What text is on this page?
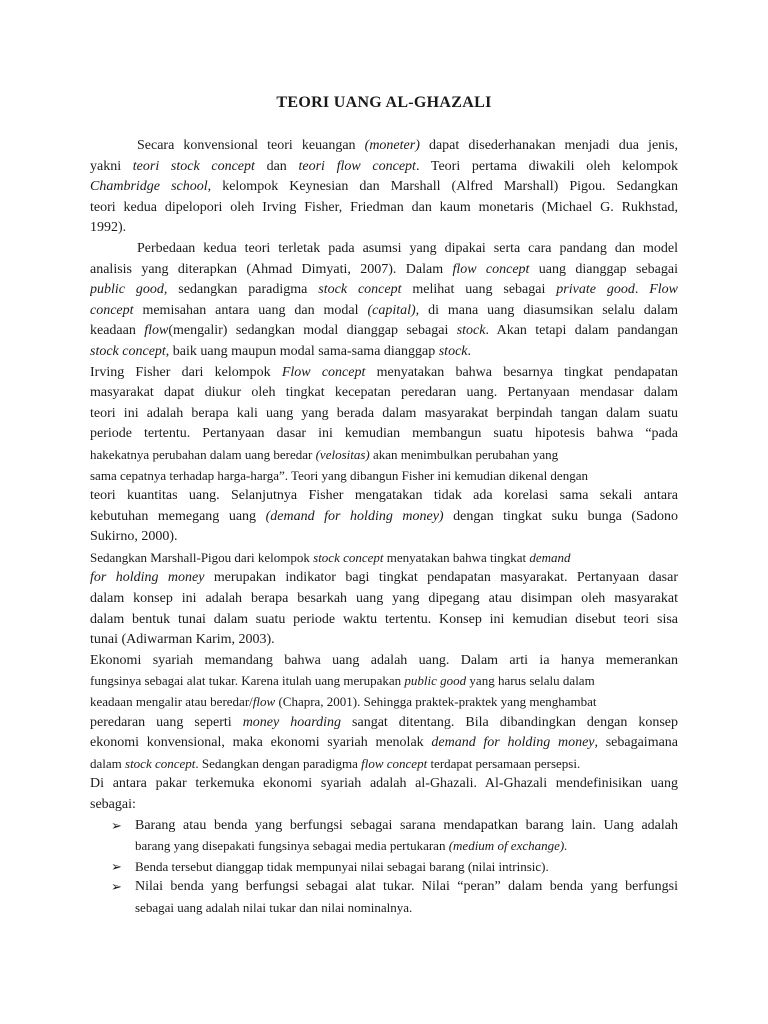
TEORI UANG AL-GHAZALI
Secara konvensional teori keuangan (moneter) dapat disederhanakan menjadi dua jenis,
yakni teori stock concept dan teori flow concept. Teori pertama diwakili oleh kelompok
Chambridge school, kelompok Keynesian dan Marshall (Alfred Marshall) Pigou. Sedangkan
teori kedua dipelopori oleh Irving Fisher, Friedman dan kaum monetaris (Michael G. Rukhstad,
1992).
Perbedaan kedua teori terletak pada asumsi yang dipakai serta cara pandang dan model
analisis yang diterapkan (Ahmad Dimyati, 2007). Dalam flow concept uang dianggap sebagai
public good, sedangkan paradigma stock concept melihat uang sebagai private good. Flow
concept memisahan antara uang dan modal (capital), di mana uang diasumsikan selalu dalam
keadaan flow(mengalir) sedangkan modal dianggap sebagai stock. Akan tetapi dalam pandangan
stock concept, baik uang maupun modal sama-sama dianggap stock.
Irving Fisher dari kelompok Flow concept menyatakan bahwa besarnya tingkat pendapatan
masyarakat dapat diukur oleh tingkat kecepatan peredaran uang. Pertanyaan mendasar dalam
teori ini adalah berapa kali uang yang berada dalam masyarakat berpindah tangan dalam suatu
periode tertentu. Pertanyaan dasar ini kemudian membangun suatu hipotesis bahwa “pada
hakekatnya perubahan dalam uang beredar (velositas) akan menimbulkan perubahan yang
sama cepatnya terhadap harga-harga”. Teori yang dibangun Fisher ini kemudian dikenal dengan
teori kuantitas uang. Selanjutnya Fisher mengatakan tidak ada korelasi sama sekali antara
kebutuhan memegang uang (demand for holding money) dengan tingkat suku bunga (Sadono
Sukirno, 2000).
Sedangkan Marshall-Pigou dari kelompok stock concept menyatakan bahwa tingkat demand
for holding money merupakan indikator bagi tingkat pendapatan masyarakat. Pertanyaan dasar
dalam konsep ini adalah berapa besarkah uang yang dipegang atau disimpan oleh masyarakat
dalam bentuk tunai dalam suatu periode waktu tertentu. Konsep ini kemudian disebut teori sisa
tunai (Adiwarman Karim, 2003).
Ekonomi syariah memandang bahwa uang adalah uang. Dalam arti ia hanya memerankan
fungsinya sebagai alat tukar. Karena itulah uang merupakan public good yang harus selalu dalam
keadaan mengalir atau beredar/flow (Chapra, 2001). Sehingga praktek-praktek yang menghambat
peredaran uang seperti money hoarding sangat ditentang. Bila dibandingkan dengan konsep
ekonomi konvensional, maka ekonomi syariah menolak demand for holding money, sebagaimana
dalam stock concept. Sedangkan dengan paradigma flow concept terdapat persamaan persepsi.
Di antara pakar terkemuka ekonomi syariah adalah al-Ghazali. Al-Ghazali mendefinisikan uang
sebagai:
➢ Barang atau benda yang berfungsi sebagai sarana mendapatkan barang lain. Uang adalah
barang yang disepakati fungsinya sebagai media pertukaran (medium of exchange).
➢ Benda tersebut dianggap tidak mempunyai nilai sebagai barang (nilai intrinsic).
➢ Nilai benda yang berfungsi sebagai alat tukar. Nilai “peran” dalam benda yang berfungsi
sebagai uang adalah nilai tukar dan nilai nominalnya.
